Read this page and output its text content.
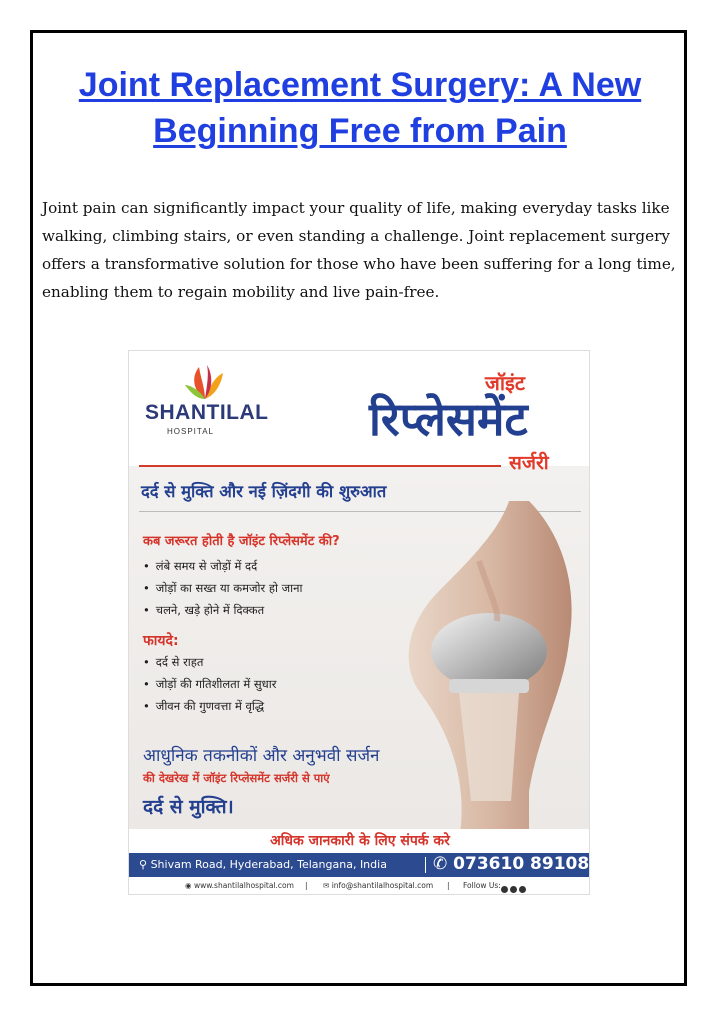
Joint Replacement Surgery: A New Beginning Free from Pain

Joint pain can significantly impact your quality of life, making everyday tasks like walking, climbing stairs, or even standing a challenge. Joint replacement surgery offers a transformative solution for those who have been suffering for a long time, enabling them to regain mobility and live pain-free.

SHANTILAL
HOSPITAL
जॉइंट
रिप्लेसमेंट
सर्जरी
दर्द से मुक्ति और नई ज़िंदगी की शुरुआत
कब जरूरत होती है जॉइंट रिप्लेसमेंट की?
• लंबे समय से जोड़ों में दर्द
• जोड़ों का सख्त या कमजोर हो जाना
• चलने, खड़े होने में दिक्कत
फायदे:
• दर्द से राहत
• जोड़ों की गतिशीलता में सुधार
• जीवन की गुणवत्ता में वृद्धि
आधुनिक तकनीकों और अनुभवी सर्जन
की देखरेख में जॉइंट रिप्लेसमेंट सर्जरी से पाएं
दर्द से मुक्ति।
अधिक जानकारी के लिए संपर्क करे
⚲ Shivam Road, Hyderabad, Telangana, India	✆ 073610 89108
◉ www.shantilalhospital.com | ✉ info@shantilalhospital.com | Follow Us:
